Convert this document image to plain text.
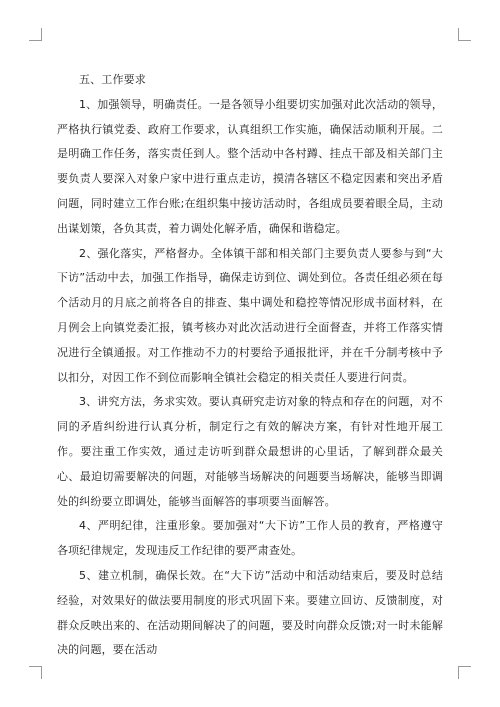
五、工作要求

1、加强领导，明确责任。一是各领导小组要切实加强对此次活动的领导，严格执行镇党委、政府工作要求，认真组织工作实施，确保活动顺利开展。二是明确工作任务，落实责任到人。整个活动中各村蹲、挂点干部及相关部门主要负责人要深入对象户家中进行重点走访，摸清各辖区不稳定因素和突出矛盾问题，同时建立工作台账;在组织集中接访活动时，各组成员要着眼全局，主动出谋划策，各负其责，着力调处化解矛盾，确保和谐稳定。

2、强化落实，严格督办。全体镇干部和相关部门主要负责人要参与到“大下访”活动中去，加强工作指导，确保走访到位、调处到位。各责任组必须在每个活动月的月底之前将各自的排查、集中调处和稳控等情况形成书面材料，在月例会上向镇党委汇报，镇考核办对此次活动进行全面督查，并将工作落实情况进行全镇通报。对工作推动不力的村要给予通报批评，并在千分制考核中予以扣分，对因工作不到位而影响全镇社会稳定的相关责任人要进行问责。

3、讲究方法，务求实效。要认真研究走访对象的特点和存在的问题，对不同的矛盾纠纷进行认真分析，制定行之有效的解决方案，有针对性地开展工作。要注重工作实效，通过走访听到群众最想讲的心里话，了解到群众最关心、最迫切需要解决的问题，对能够当场解决的问题要当场解决，能够当即调处的纠纷要立即调处，能够当面解答的事项要当面解答。

4、严明纪律，注重形象。要加强对“大下访”工作人员的教育，严格遵守各项纪律规定，发现违反工作纪律的要严肃查处。

5、建立机制，确保长效。在“大下访”活动中和活动结束后，要及时总结经验，对效果好的做法要用制度的形式巩固下来。要建立回访、反馈制度，对群众反映出来的、在活动期间解决了的问题，要及时向群众反馈;对一时未能解决的问题，要在活动
